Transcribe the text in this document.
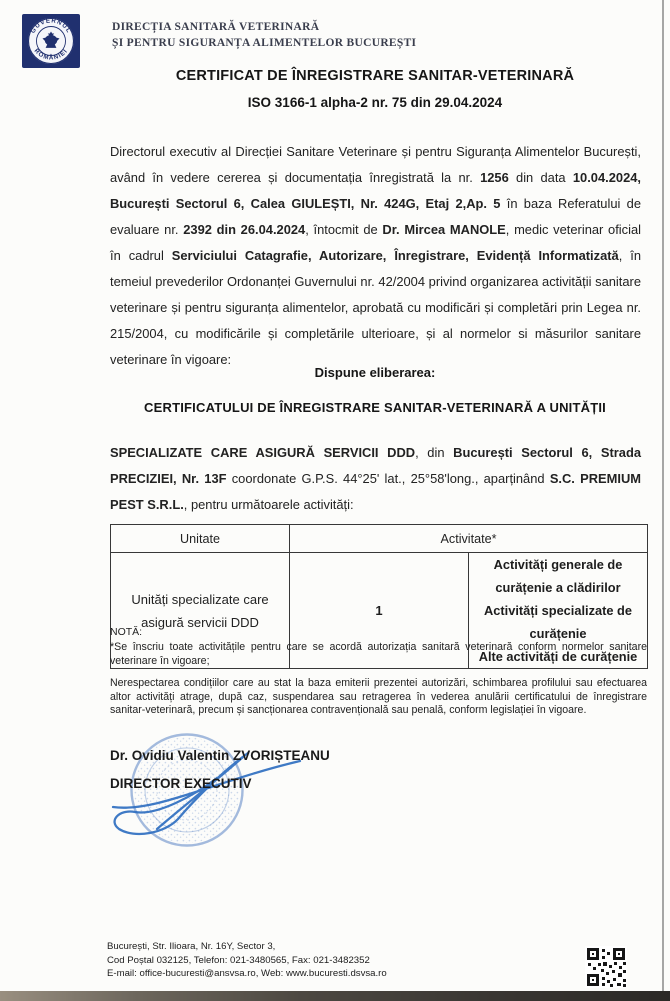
GUVERNUL
ROMÂNIEI
DIRECȚIA SANITARĂ VETERINARĂ
ȘI PENTRU SIGURANȚA ALIMENTELOR BUCUREȘTI
CERTIFICAT DE ÎNREGISTRARE SANITAR-VETERINARĂ
ISO 3166-1 alpha-2 nr. 75 din 29.04.2024
Directorul executiv al Direcției Sanitare Veterinare și pentru Siguranța Alimentelor București, având în vedere cererea și documentația înregistrată la nr. 1256 din data 10.04.2024, București Sectorul 6, Calea GIULEȘTI, Nr. 424G, Etaj 2,Ap. 5 în baza Referatului de evaluare nr. 2392 din 26.04.2024, întocmit de Dr. Mircea MANOLE, medic veterinar oficial în cadrul Serviciului Catagrafie, Autorizare, Înregistrare, Evidență Informatizată, în temeiul prevederilor Ordonanței Guvernului nr. 42/2004 privind organizarea activității sanitare veterinare și pentru siguranța alimentelor, aprobată cu modificări și completări prin Legea nr. 215/2004, cu modificările și completările ulterioare, și al normelor si măsurilor sanitare veterinare în vigoare:
Dispune eliberarea:
CERTIFICATULUI DE ÎNREGISTRARE SANITAR-VETERINARĂ A UNITĂȚII
SPECIALIZATE CARE ASIGURĂ SERVICII DDD, din București Sectorul 6, Strada PRECIZIEI, Nr. 13F coordonate G.P.S. 44°25' lat., 25°58'long., aparținând S.C. PREMIUM PEST S.R.L., pentru următoarele activități:
Unitate	Activitate*	
Unități specializate care asigură servicii DDD	1	Activități generale de curățenie a clădirilor
Activități specializate de curățenie
Alte activități de curățenie
NOTĂ:
*Se înscriu toate activitățile pentru care se acordă autorizația sanitară veterinară conform normelor sanitare veterinare în vigoare;
Nerespectarea condițiilor care au stat la baza emiterii prezentei autorizări, schimbarea profilului sau efectuarea altor activități atrage, după caz, suspendarea sau retragerea în vederea anulării certificatului de înregistrare sanitar-veterinară, precum și sancționarea contravențională sau penală, conform legislației în vigoare.
Dr. Ovidiu Valentin ZVORIȘTEANU
DIRECTOR EXECUTIV
București, Str. Ilioara, Nr. 16Y, Sector 3,
Cod Poștal 032125, Telefon: 021-3480565, Fax: 021-3482352
E-mail: office-bucuresti@ansvsa.ro, Web: www.bucuresti.dsvsa.ro
